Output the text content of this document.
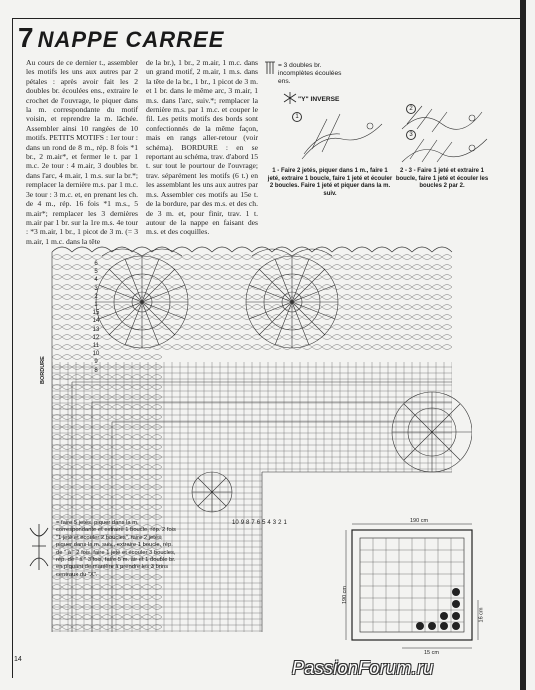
7 NAPPE CARREE

Au cours de ce dernier t., assembler les motifs les uns aux autres par 2 pétales : après avoir fait les 2 doubles br. écoulées ens., extraire le crochet de l'ouvrage, le piquer dans la m. correspondante du motif voisin, et reprendre la m. lâchée. Assembler ainsi 10 rangées de 10 motifs. PETITS MOTIFS : 1er tour : dans un rond de 8 m., rép. 8 fois *1 br., 2 m.air*, et fermer le t. par 1 m.c. 2e tour : 4 m.air, 3 doubles br. dans l'arc, 4 m.air, 1 m.s. sur la br.*; remplacer la dernière m.s. par 1 m.c. 3e tour : 3 m.c. et, en prenant les ch. de 4 m., rép. 16 fois *1 m.s., 5 m.air*; remplacer les 3 dernières m.air par 1 br. sur la 1re m.s. 4e tour : *3 m.air, 1 br., 1 picot de 3 m. (= 3 m.air, 1 m.c. dans la tête

de la br.), 1 br., 2 m.air, 1 m.c. dans un grand motif, 2 m.air, 1 m.s. dans la tête de la br., 1 br., 1 picot de 3 m. et 1 br. dans le même arc, 3 m.air, 1 m.s. dans l'arc, suiv.*; remplacer la dernière m.s. par 1 m.c. et couper le fil. Les petits motifs des bords sont confectionnés de la même façon, mais en rangs aller-retour (voir schéma). BORDURE : en se reportant au schéma, trav. d'abord 15 t. sur tout le pourtour de l'ouvrage; trav. séparément les motifs (6 t.) en les assemblant les uns aux autres par m.s. Assembler ces motifs au 15e t. de la bordure, par des m.s. et des ch. de 3 m. et, pour finir, trav. 1 t. autour de la nappe en faisant des m.s. et des coquilles.

= 3 doubles br. incomplètes écoulées ens.
"Y" INVERSE
1
2
3
1 - Faire 2 jetés, piquer dans 1 m., faire 1 jeté, extraire 1 boucle, faire 1 jeté et écouler 2 boucles. Faire 1 jeté et piquer dans la m. suiv.
2 - 3 - Faire 1 jeté et extraire 1 boucle, faire 1 jeté et écouler les boucles 2 par 2.
6
5
4
3
2
1
15
14
13
12
11
10
9
8
10 9 8 7 6 5 4 3 2 1
BORDURE
= faire 5 jetés, piquer dans la m. correspondante et extraire 1 boucle, rép. 2 fois "1 jeté et écouler 2 boucles". faire 2 jetés, piquer dans la m. suiv., extraire 1 boucle, rép. de " à " 2 fois, faire 1 jeté et écouler 3 boucles, rép. de " à " 3 fois, faire 5 m. air et 1 double br. en piquant de manière à prendre les 3 brins centraux du "X".
190 cm
190 cm
16 cm
15 cm
14	PassionForum.ru
